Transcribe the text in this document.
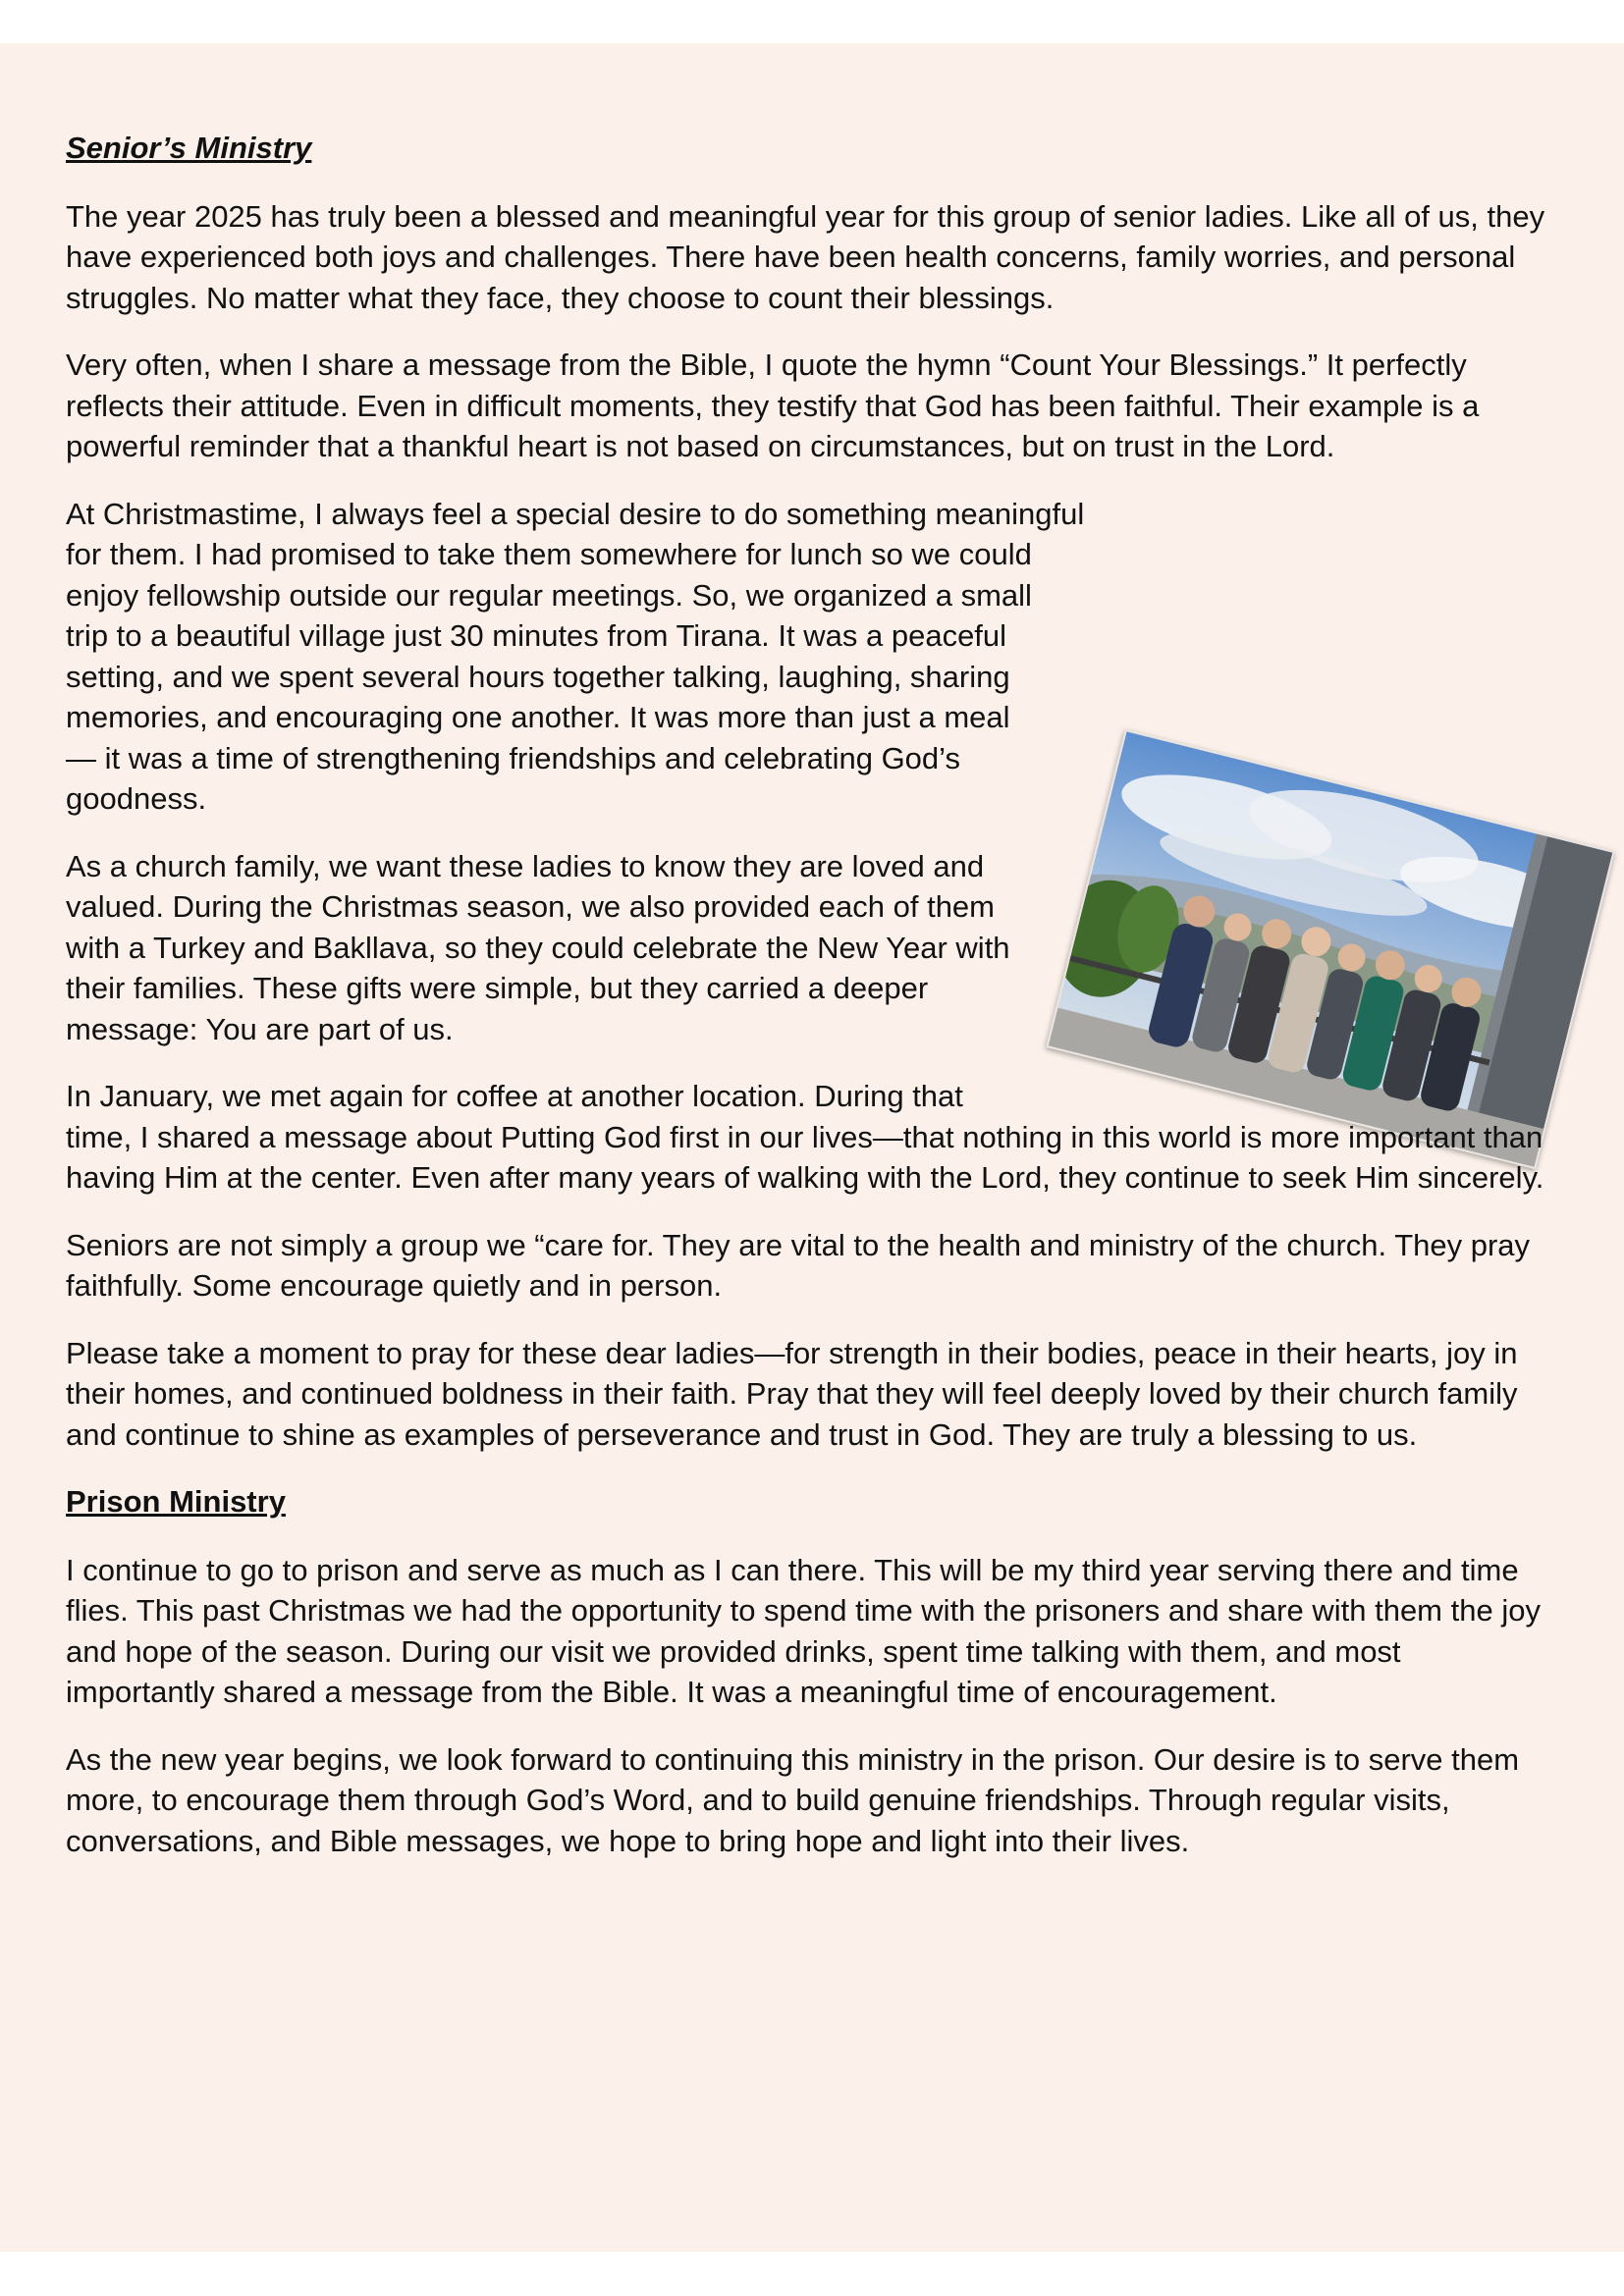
Senior’s Ministry

The year 2025 has truly been a blessed and meaningful year for this group of senior ladies. Like all of us, they have experienced both joys and challenges. There have been health concerns, family worries, and personal struggles. No matter what they face, they choose to count their blessings.

Very often, when I share a message from the Bible, I quote the hymn “Count Your Blessings.” It perfectly reflects their attitude. Even in difficult moments, they testify that God has been faithful. Their example is a powerful reminder that a thankful heart is not based on circumstances, but on trust in the Lord.

At Christmastime, I always feel a special desire to do something meaningful for them. I had promised to take them somewhere for lunch so we could enjoy fellowship outside our regular meetings. So, we organized a small trip to a beautiful village just 30 minutes from Tirana. It was a peaceful setting, and we spent several hours together talking, laughing, sharing memories, and encouraging one another. It was more than just a meal — it was a time of strengthening friendships and celebrating God’s goodness.

As a church family, we want these ladies to know they are loved and valued. During the Christmas season, we also provided each of them with a Turkey and Bakllava, so they could celebrate the New Year with their families. These gifts were simple, but they carried a deeper message: You are part of us.

In January, we met again for coffee at another location. During that time, I shared a message about Putting God first in our lives—that nothing in this world is more important than having Him at the center. Even after many years of walking with the Lord, they continue to seek Him sincerely.

Seniors are not simply a group we “care for. They are vital to the health and ministry of the church. They pray faithfully. Some encourage quietly and in person.

Please take a moment to pray for these dear ladies—for strength in their bodies, peace in their hearts, joy in their homes, and continued boldness in their faith. Pray that they will feel deeply loved by their church family and continue to shine as examples of perseverance and trust in God. They are truly a blessing to us.

Prison Ministry

I continue to go to prison and serve as much as I can there. This will be my third year serving there and time flies. This past Christmas we had the opportunity to spend time with the prisoners and share with them the joy and hope of the season. During our visit we provided drinks, spent time talking with them, and most importantly shared a message from the Bible. It was a meaningful time of encouragement.

As the new year begins, we look forward to continuing this ministry in the prison. Our desire is to serve them more, to encourage them through God’s Word, and to build genuine friendships. Through regular visits, conversations, and Bible messages, we hope to bring hope and light into their lives.
